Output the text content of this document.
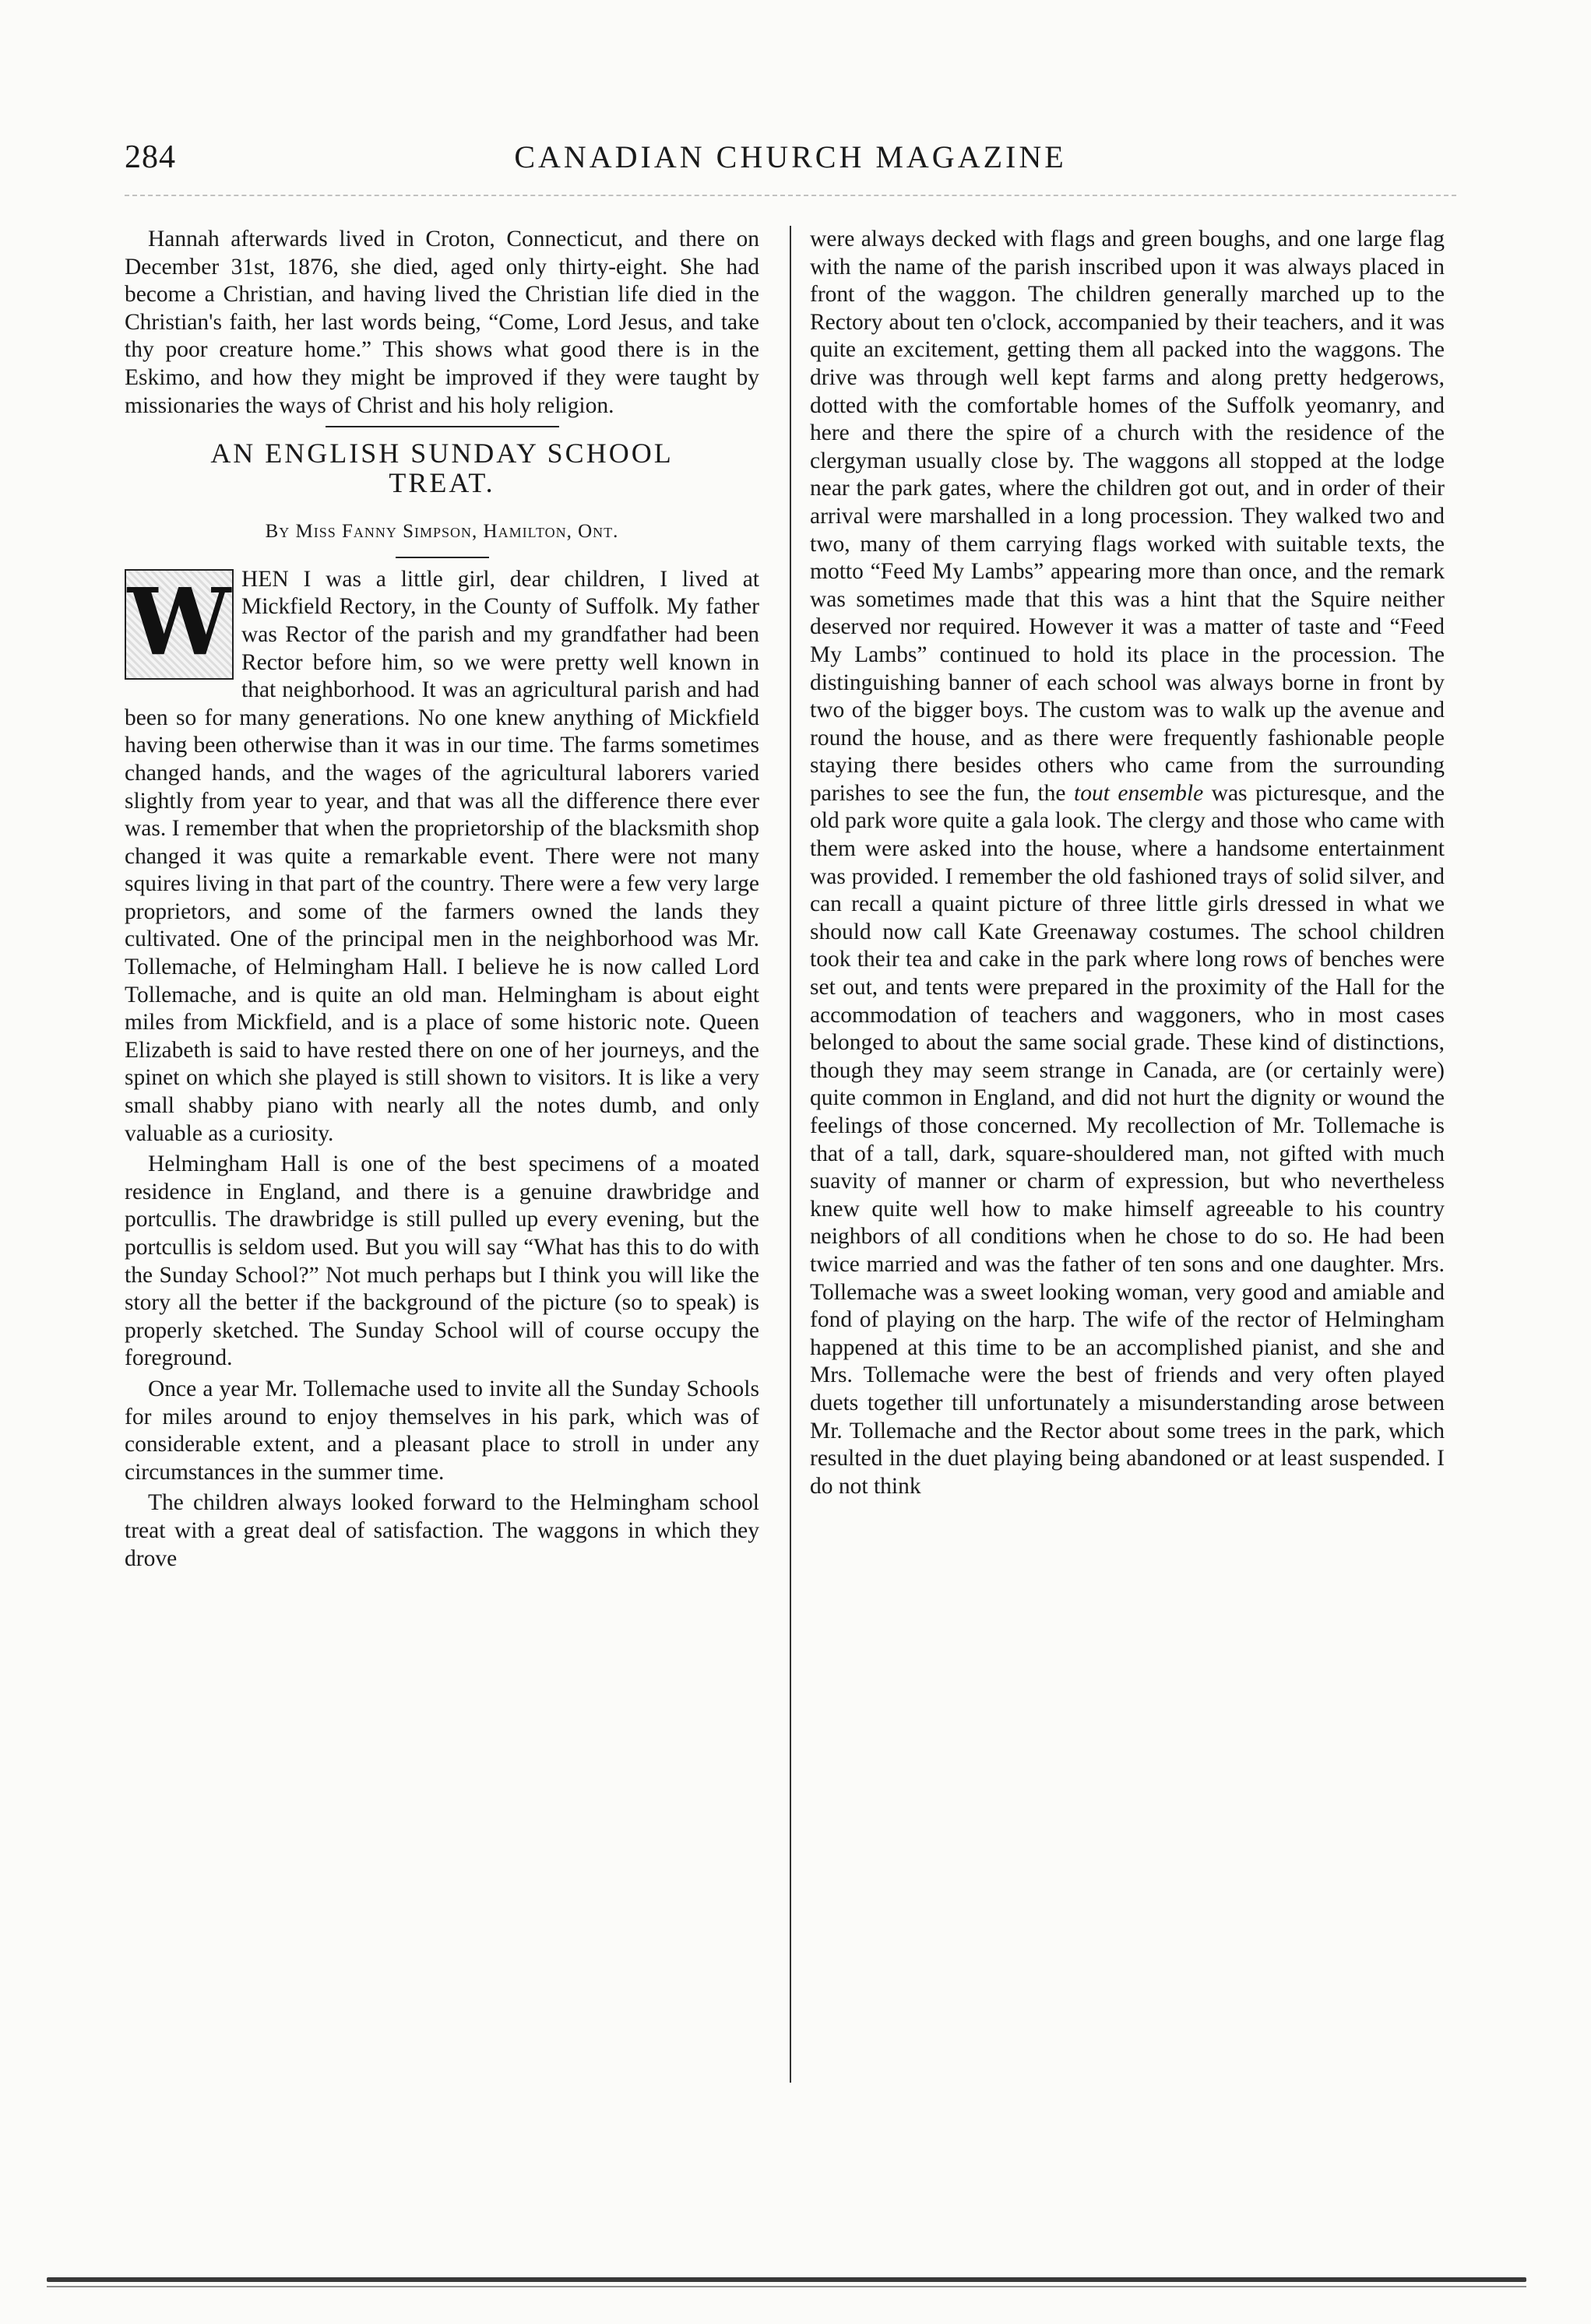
284	CANADIAN CHURCH MAGAZINE

Hannah afterwards lived in Croton, Connecticut, and there on December 31st, 1876, she died, aged only thirty-eight. She had become a Christian, and having lived the Christian life died in the Christian's faith, her last words being, “Come, Lord Jesus, and take thy poor creature home.” This shows what good there is in the Eskimo, and how they might be improved if they were taught by missionaries the ways of Christ and his holy religion.

AN ENGLISH SUNDAY SCHOOL
TREAT.
By Miss Fanny Simpson, Hamilton, Ont.
W HEN I was a little girl, dear children, I lived at Mickfield Rectory, in the County of Suffolk. My father was Rector of the parish and my grandfather had been Rector before him, so we were pretty well known in that neighborhood. It was an agricultural parish and had been so for many generations. No one knew anything of Mickfield having been otherwise than it was in our time. The farms sometimes changed hands, and the wages of the agricultural laborers varied slightly from year to year, and that was all the difference there ever was. I remember that when the proprietorship of the blacksmith shop changed it was quite a remarkable event. There were not many squires living in that part of the country. There were a few very large proprietors, and some of the farmers owned the lands they cultivated. One of the principal men in the neighborhood was Mr. Tollemache, of Helmingham Hall. I believe he is now called Lord Tollemache, and is quite an old man. Helmingham is about eight miles from Mickfield, and is a place of some historic note. Queen Elizabeth is said to have rested there on one of her journeys, and the spinet on which she played is still shown to visitors. It is like a very small shabby piano with nearly all the notes dumb, and only valuable as a curiosity.

Helmingham Hall is one of the best specimens of a moated residence in England, and there is a genuine drawbridge and portcullis. The drawbridge is still pulled up every evening, but the portcullis is seldom used. But you will say “What has this to do with the Sunday School?” Not much perhaps but I think you will like the story all the better if the background of the picture (so to speak) is properly sketched. The Sunday School will of course occupy the foreground.

Once a year Mr. Tollemache used to invite all the Sunday Schools for miles around to enjoy themselves in his park, which was of considerable extent, and a pleasant place to stroll in under any circumstances in the summer time.

The children always looked forward to the Helmingham school treat with a great deal of satisfaction. The waggons in which they drove

were always decked with flags and green boughs, and one large flag with the name of the parish inscribed upon it was always placed in front of the waggon. The children generally marched up to the Rectory about ten o'clock, accompanied by their teachers, and it was quite an excitement, getting them all packed into the waggons. The drive was through well kept farms and along pretty hedgerows, dotted with the comfortable homes of the Suffolk yeomanry, and here and there the spire of a church with the residence of the clergyman usually close by. The waggons all stopped at the lodge near the park gates, where the children got out, and in order of their arrival were marshalled in a long procession. They walked two and two, many of them carrying flags worked with suitable texts, the motto “Feed My Lambs” appearing more than once, and the remark was sometimes made that this was a hint that the Squire neither deserved nor required. However it was a matter of taste and “Feed My Lambs” continued to hold its place in the procession. The distinguishing banner of each school was always borne in front by two of the bigger boys. The custom was to walk up the avenue and round the house, and as there were frequently fashionable people staying there besides others who came from the surrounding parishes to see the fun, the tout ensemble was picturesque, and the old park wore quite a gala look. The clergy and those who came with them were asked into the house, where a handsome entertainment was provided. I remember the old fashioned trays of solid silver, and can recall a quaint picture of three little girls dressed in what we should now call Kate Greenaway costumes. The school children took their tea and cake in the park where long rows of benches were set out, and tents were prepared in the proximity of the Hall for the accommodation of teachers and waggoners, who in most cases belonged to about the same social grade. These kind of distinctions, though they may seem strange in Canada, are (or certainly were) quite common in England, and did not hurt the dignity or wound the feelings of those concerned. My recollection of Mr. Tollemache is that of a tall, dark, square-shouldered man, not gifted with much suavity of manner or charm of expression, but who nevertheless knew quite well how to make himself agreeable to his country neighbors of all conditions when he chose to do so. He had been twice married and was the father of ten sons and one daughter. Mrs. Tollemache was a sweet looking woman, very good and amiable and fond of playing on the harp. The wife of the rector of Helmingham happened at this time to be an accomplished pianist, and she and Mrs. Tollemache were the best of friends and very often played duets together till unfortunately a misunderstanding arose between Mr. Tollemache and the Rector about some trees in the park, which resulted in the duet playing being abandoned or at least suspended. I do not think
